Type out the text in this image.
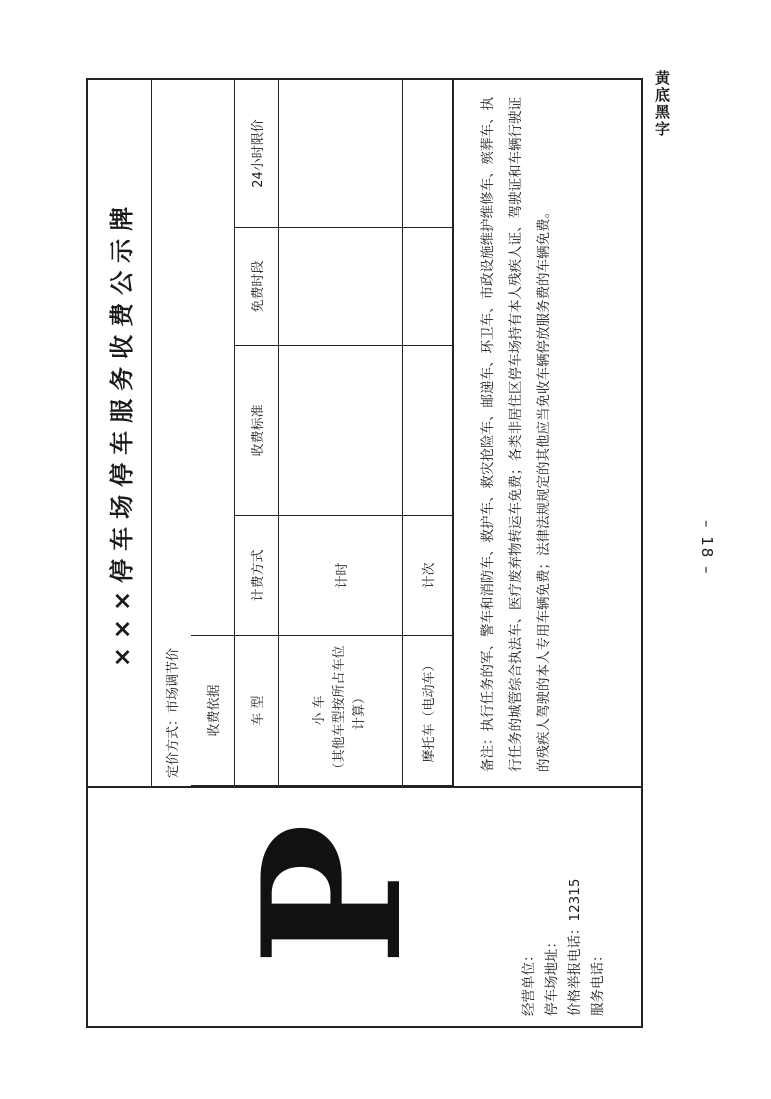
黄底黑字
– 18 –
P
经营单位： 停车场地址： 价格举报电话：12315 服务电话：
×××停车场停车服务收费公示牌
定价方式：市场调节价	收费依据				
车 型	计费方式	收费标准	免费时段	24小时限价
小 车
（其他车型按所占车位计算）	计时			
摩托车（电动车）	计次				备注：执行任务的军、警车和消防车、救护车、救灾抢险车、邮递车、环卫车、市政设施维护维修车、殡葬车、执行任务的城管综合执法车、医疗废弃物转运车免费；各类非居住区停车场持有本人残疾人证、驾驶证和车辆行驶证的残疾人驾驶的本人专用车辆免费；法律法规规定的其他应当免收车辆停放服务费的车辆免费。
